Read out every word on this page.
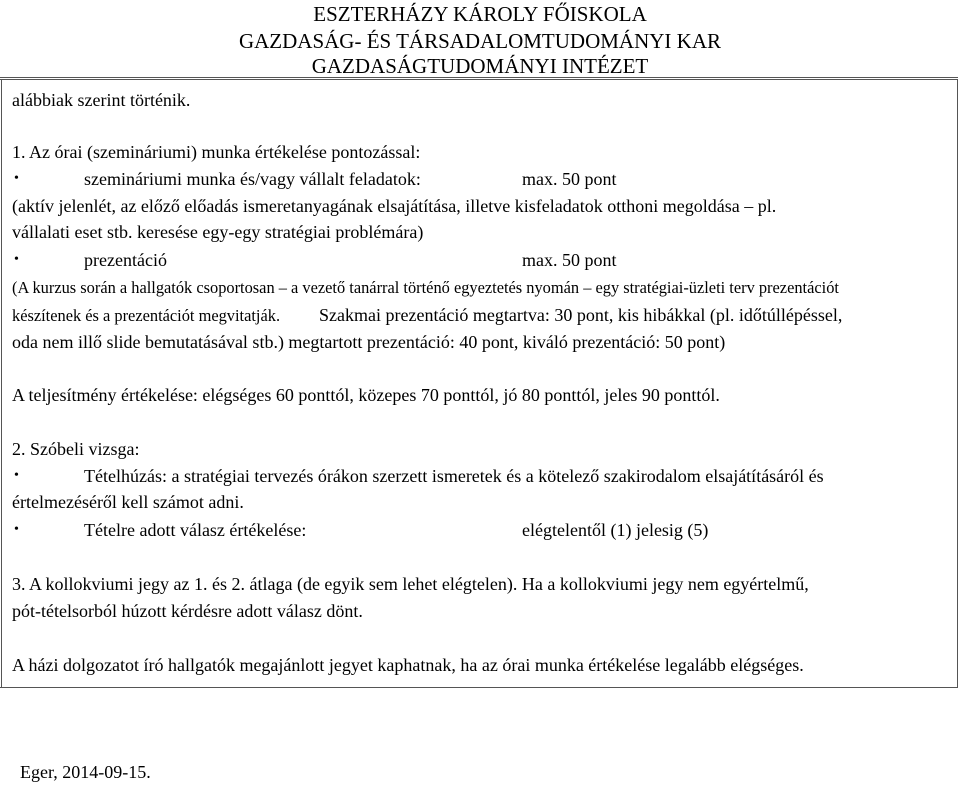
ESZTERHÁZY KÁROLY FŐISKOLA
GAZDASÁG- ÉS TÁRSADALOMTUDOMÁNYI KAR
GAZDASÁGTUDOMÁNYI INTÉZET
alábbiak szerint történik.
1. Az órai (szemináriumi) munka értékelése pontozással:
•	szemináriumi munka és/vagy vállalt feladatok:	max. 50 pont
(aktív jelenlét, az előző előadás ismeretanyagának elsajátítása, illetve kisfeladatok otthoni megoldása – pl.
vállalati eset stb. keresése egy-egy stratégiai problémára)
•	prezentáció	max. 50 pont
(A kurzus során a hallgatók csoportosan – a vezető tanárral történő egyeztetés nyomán – egy stratégiai-üzleti terv prezentációt
készítenek és a prezentációt megvitatják. Szakmai prezentáció megtartva: 30 pont, kis hibákkal (pl. időtúllépéssel,
oda nem illő slide bemutatásával stb.) megtartott prezentáció: 40 pont, kiváló prezentáció: 50 pont)
A teljesítmény értékelése: elégséges 60 ponttól, közepes 70 ponttól, jó 80 ponttól, jeles 90 ponttól.
2. Szóbeli vizsga:
•	Tételhúzás: a stratégiai tervezés órákon szerzett ismeretek és a kötelező szakirodalom elsajátításáról és
értelmezéséről kell számot adni.
•	Tételre adott válasz értékelése:	elégtelentől (1) jelesig (5)
3. A kollokviumi jegy az 1. és 2. átlaga (de egyik sem lehet elégtelen). Ha a kollokviumi jegy nem egyértelmű,
pót-tételsorból húzott kérdésre adott válasz dönt.
A házi dolgozatot író hallgatók megajánlott jegyet kaphatnak, ha az órai munka értékelése legalább elégséges.
Eger, 2014-09-15.
